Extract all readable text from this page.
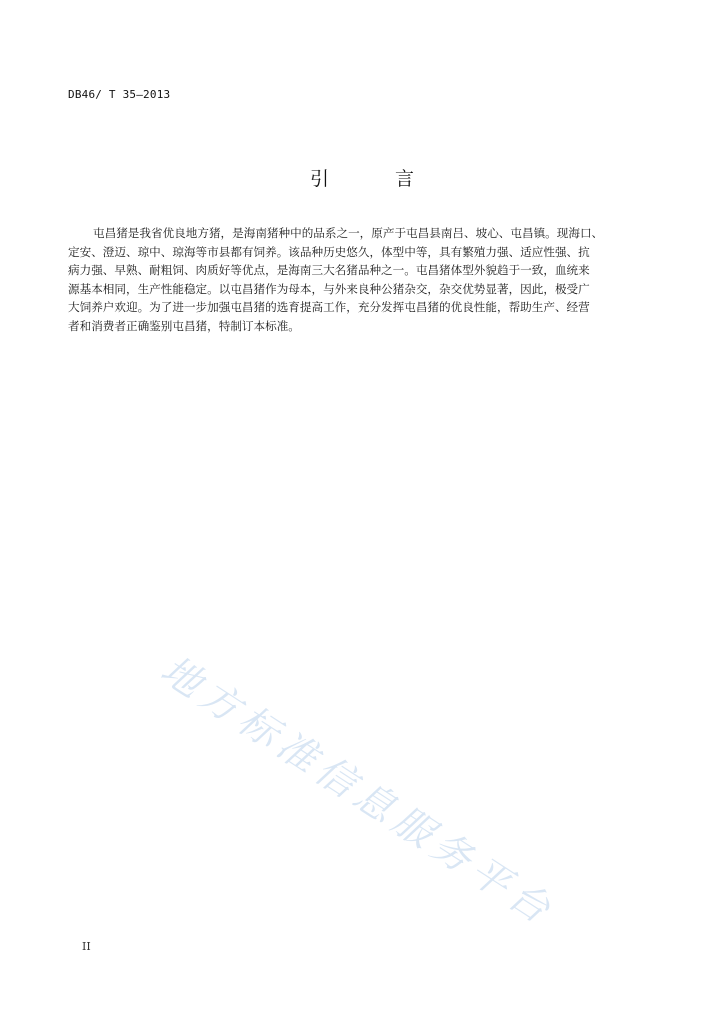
DB46/ T 35—2013
引 言
屯昌猪是我省优良地方猪，是海南猪种中的品系之一，原产于屯昌县南吕、坡心、屯昌镇。现海口、
定安、澄迈、琼中、琼海等市县都有饲养。该品种历史悠久，体型中等，具有繁殖力强、适应性强、抗
病力强、早熟、耐粗饲、肉质好等优点，是海南三大名猪品种之一。屯昌猪体型外貌趋于一致，血统来
源基本相同，生产性能稳定。以屯昌猪作为母本，与外来良种公猪杂交，杂交优势显著，因此，极受广
大饲养户欢迎。为了进一步加强屯昌猪的选育提高工作，充分发挥屯昌猪的优良性能，帮助生产、经营
者和消费者正确鉴别屯昌猪，特制订本标准。
地方标准信息服务平台
II
